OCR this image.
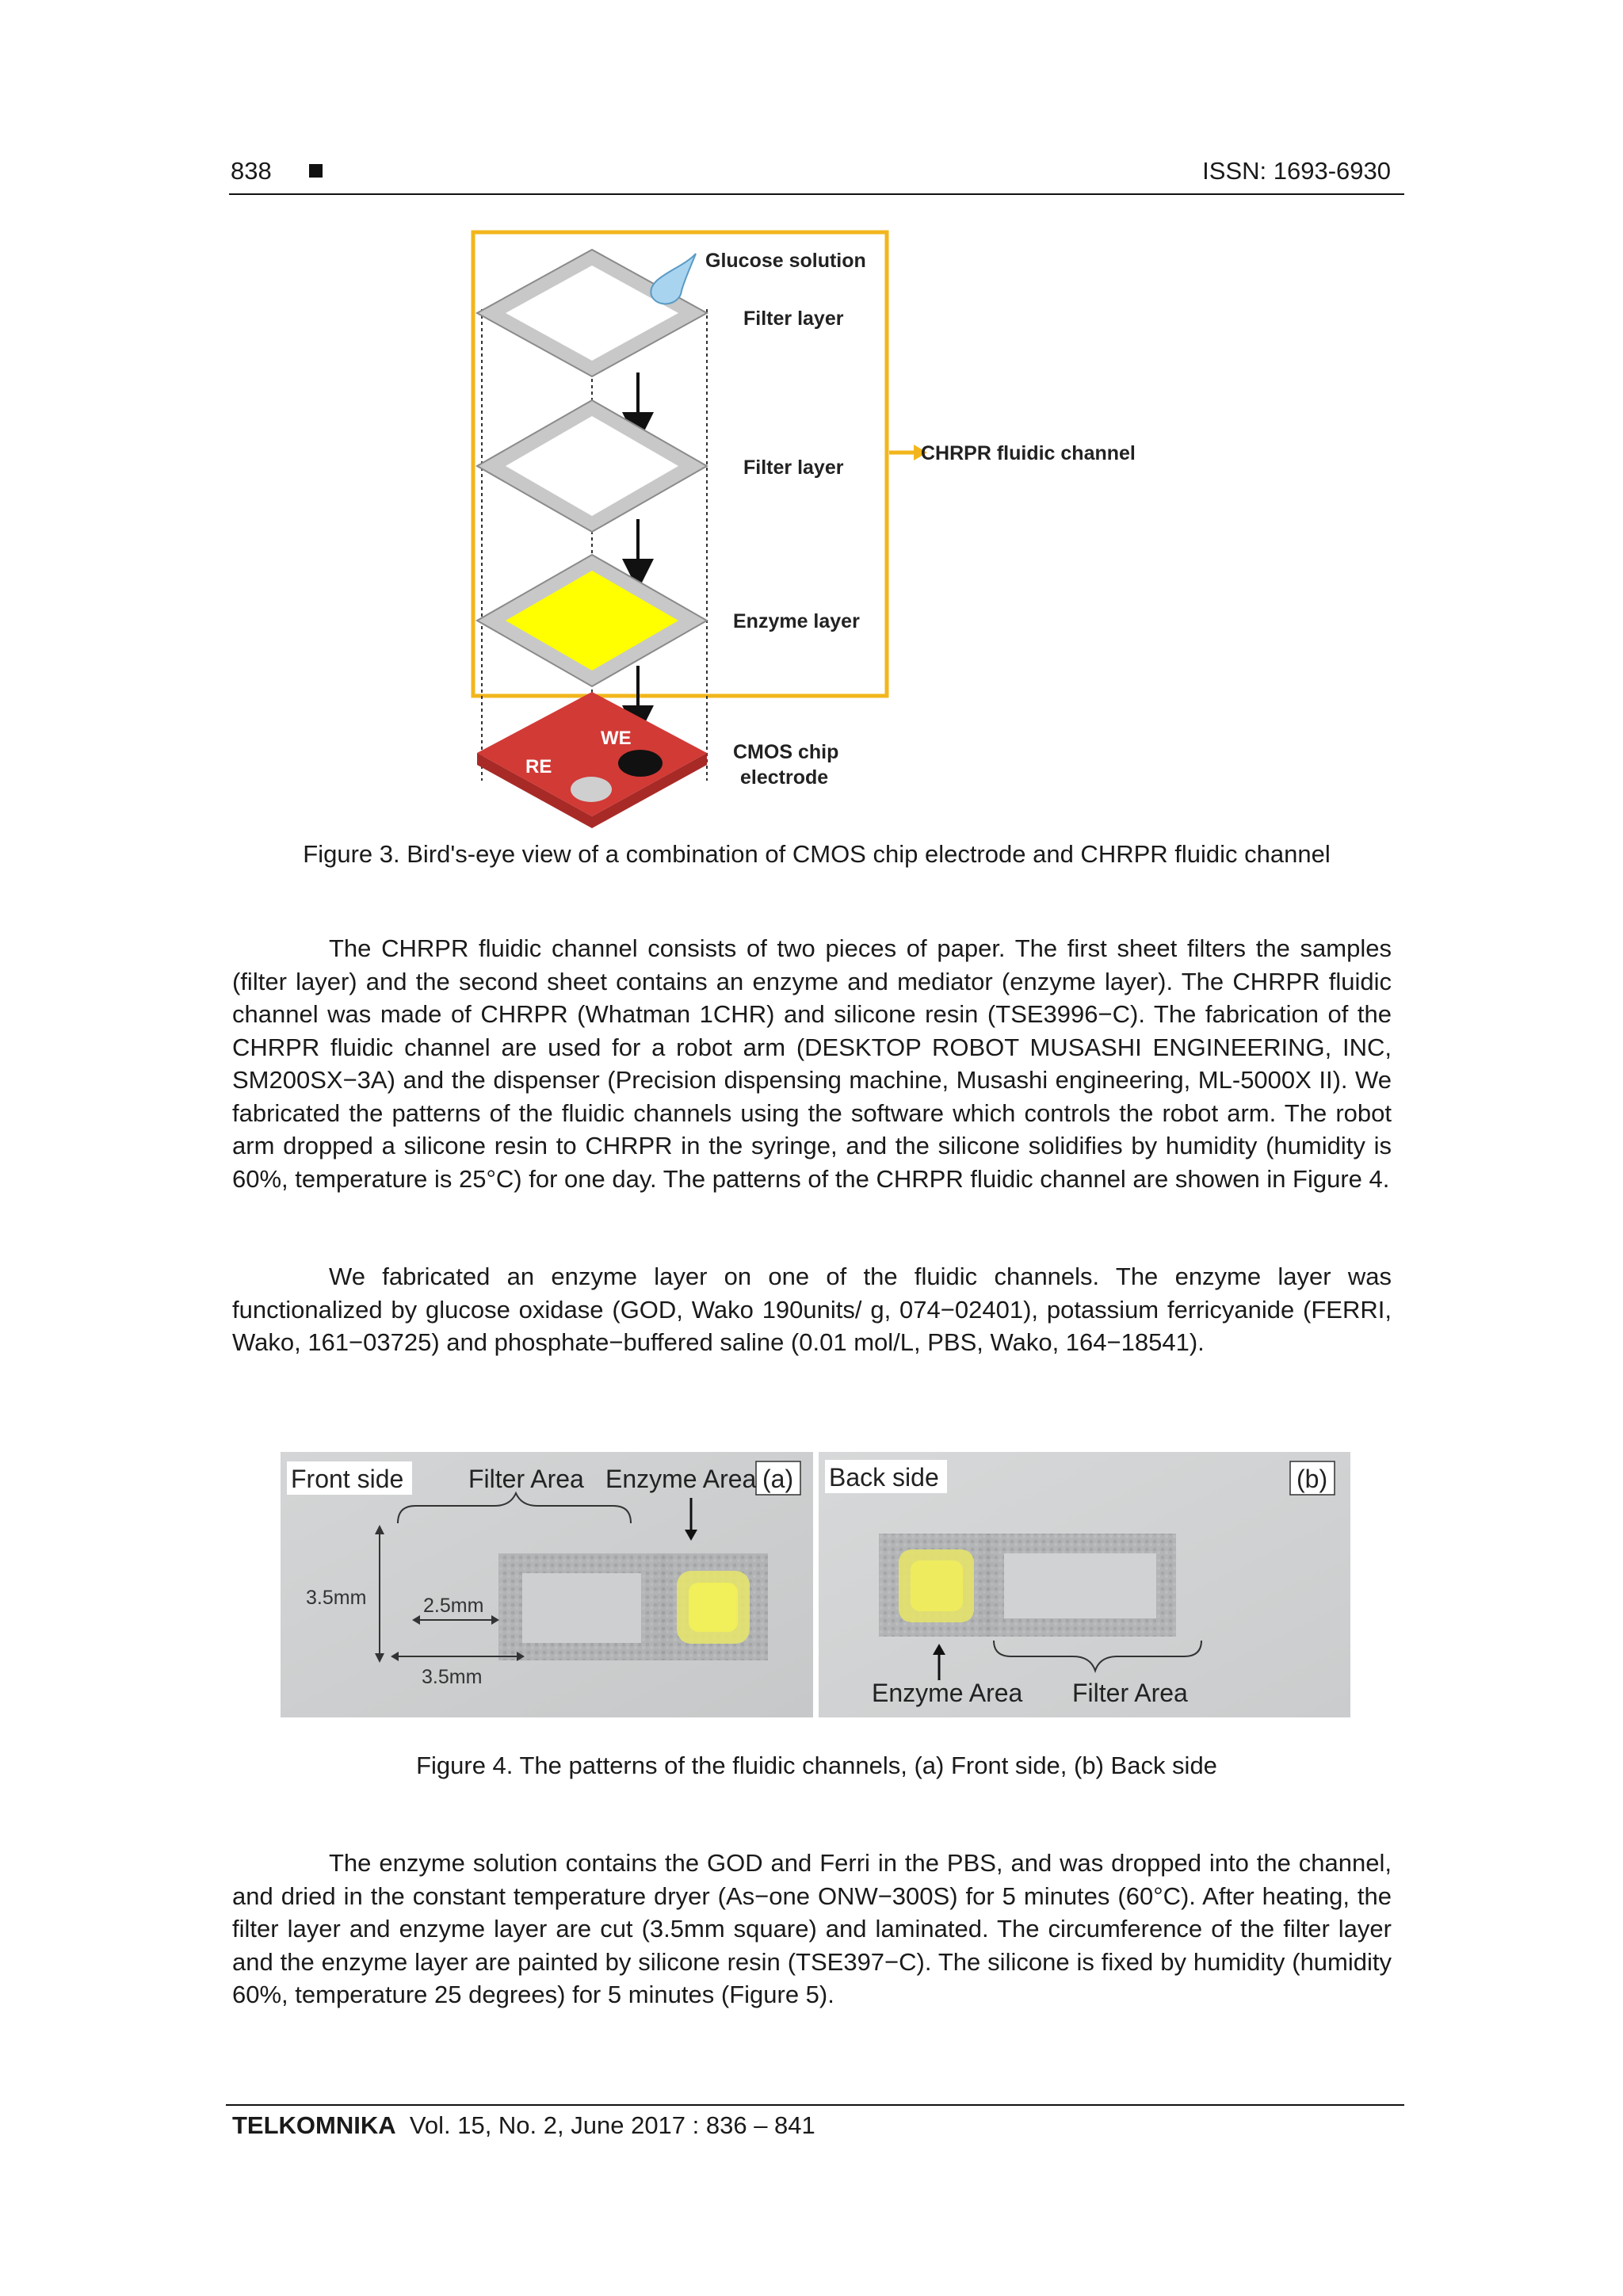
838	ISSN: 1693-6930
WE
RE
Glucose solution
Filter layer
Filter layer
Enzyme layer
CMOS chip
electrode
CHRPR fluidic channel
Figure 3. Bird's-eye view of a combination of CMOS chip electrode and CHRPR fluidic channel

The CHRPR fluidic channel consists of two pieces of paper. The first sheet filters the samples (filter layer) and the second sheet contains an enzyme and mediator (enzyme layer). The CHRPR fluidic channel was made of CHRPR (Whatman 1CHR) and silicone resin (TSE3996−C). The fabrication of the CHRPR fluidic channel are used for a robot arm (DESKTOP ROBOT MUSASHI ENGINEERING, INC, SM200SX−3A) and the dispenser (Precision dispensing machine, Musashi engineering, ML-5000X II). We fabricated the patterns of the fluidic channels using the software which controls the robot arm. The robot arm dropped a silicone resin to CHRPR in the syringe, and the silicone solidifies by humidity (humidity is 60%, temperature is 25°C) for one day. The patterns of the CHRPR fluidic channel are showen in Figure 4.

We fabricated an enzyme layer on one of the fluidic channels. The enzyme layer was functionalized by glucose oxidase (GOD, Wako 190units/ g, 074−02401), potassium ferricyanide (FERRI, Wako, 161−03725) and phosphate−buffered saline (0.01 mol/L, PBS, Wako, 164−18541).

Front side	(a)
Filter Area Enzyme Area
3.5mm	2.5mm
3.5mm
Back side	(b)
Enzyme Area Filter Area
Figure 4. The patterns of the fluidic channels, (a) Front side, (b) Back side

The enzyme solution contains the GOD and Ferri in the PBS, and was dropped into the channel, and dried in the constant temperature dryer (As−one ONW−300S) for 5 minutes (60°C). After heating, the filter layer and enzyme layer are cut (3.5mm square) and laminated. The circumference of the filter layer and the enzyme layer are painted by silicone resin (TSE397−C). The silicone is fixed by humidity (humidity 60%, temperature 25 degrees) for 5 minutes (Figure 5).

TELKOMNIKA Vol. 15, No. 2, June 2017 : 836 – 841
